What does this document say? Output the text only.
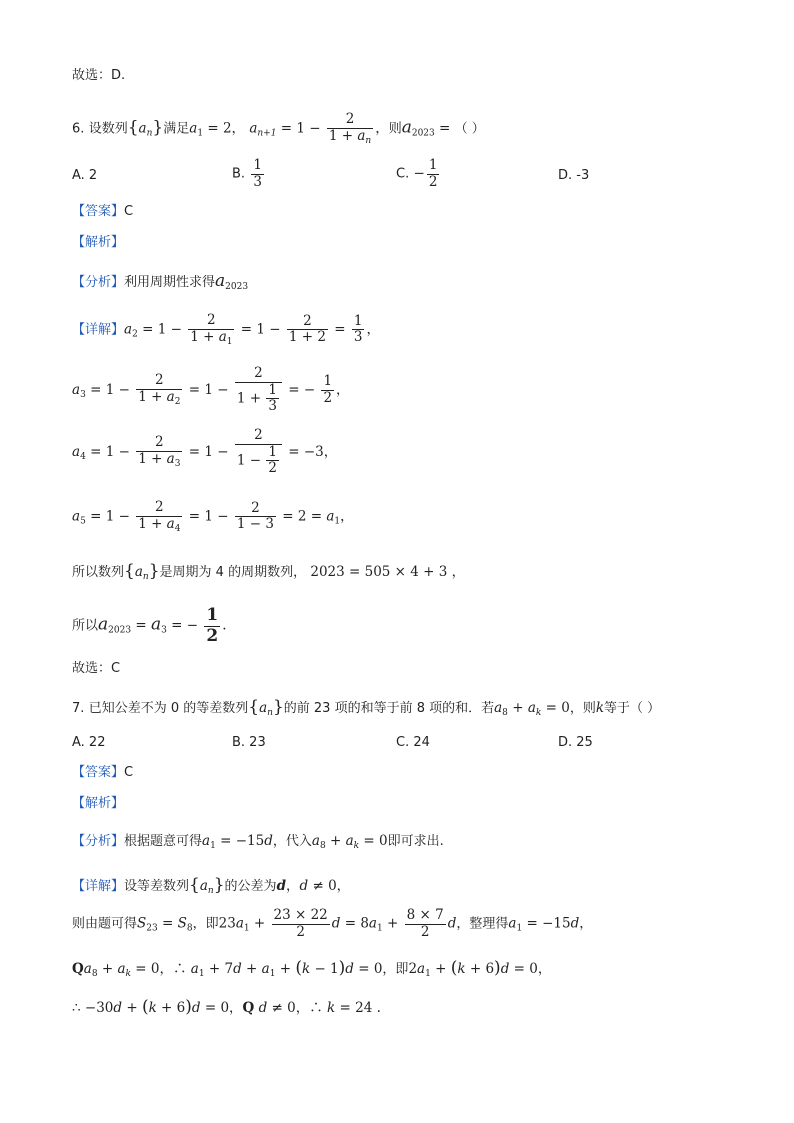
故选：D.
6. 设数列$\{a_n\}$满足$a_1 = 2$， $a_{n+1} = 1 - \frac{2}{1 + a_n}$ ，则$a_{2023}$ = （ ）
A. 2	B. $\frac{1}{3}$	C. − $\frac{1}{2}$	D. -3
【答案】C
【解析】
【分析】利用周期性求得$a_{2023}$
【详解】$a_2 = 1 - \frac{2}{1 + a_1} = 1 - \frac{2}{1 + 2} = \frac{1}{3}$ ，
$a_3 = 1 - \frac{2}{1 + a_2} = 1 - \frac{2}{1 + \frac{1}{3}}$ = − $\frac{1}{2}$ ，
$a_4 = 1 - \frac{2}{1 + a_3} = 1 - \frac{2}{1 - \frac{1}{2}} = -3$，
$a_5 = 1 - \frac{2}{1 + a_4} = 1 - \frac{2}{1 - 3} = 2 = a_1$，
所以数列$\{a_n\}$是周期为 4 的周期数列， 2023 = 505 × 4 + 3 ，
所以$a_{2023} = a_3$ = − $\frac{1}{2}$ .
故选：C
7. 已知公差不为 0 的等差数列$\{a_n\}$的前 23 项的和等于前 8 项的和．若$a_8 + a_k = 0$，则k等于（ ）
A. 22	B. 23	C. 24	D. 25
【答案】C
【解析】
【分析】根据题意可得$a_1 = -15d$，代入$a_8 + a_k = 0$即可求出.
【详解】设等差数列$\{a_n\}$的公差为d，d ≠ 0，
则由题可得$S_{23} = S_8$，即$23a_1 + \frac{23 \times 22}{2}$ $d = 8a_1 + \frac{8 \times 7}{2}$ d，整理得$a_1 = -15d$，
$Qa_8 + a_k = 0$，∴ $a_1 + 7d + a_1 + (k - 1)d = 0$，即$2a_1 + (k + 6)d = 0$，
∴ −30d + (k + 6)d = 0，Q d ≠ 0，∴ k = 24 .
